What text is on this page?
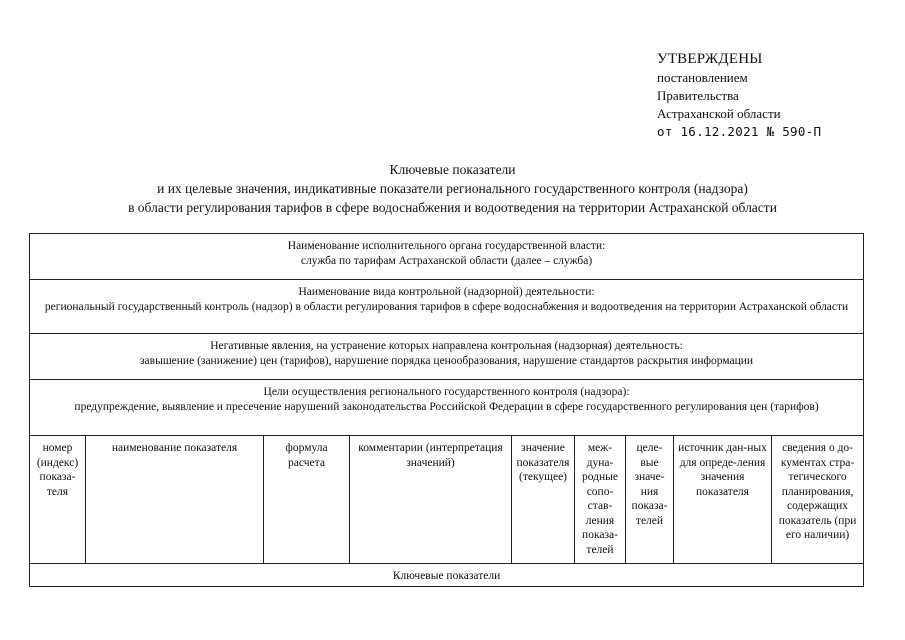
УТВЕРЖДЕНЫ
постановлением
Правительства
Астраханской области
от 16.12.2021 № 590-П
Ключевые показатели
и их целевые значения, индикативные показатели регионального государственного контроля (надзора)
в области регулирования тарифов в сфере водоснабжения и водоотведения на территории Астраханской области
Наименование исполнительного органа государственной власти:
служба по тарифам Астраханской области (далее – служба)

Наименование вида контрольной (надзорной) деятельности:
региональный государственный контроль (надзор) в области регулирования тарифов в сфере водоснабжения и водоотведения на территории Астраханской области

Негативные явления, на устранение которых направлена контрольная (надзорная) деятельность:
завышение (занижение) цен (тарифов), нарушение порядка ценообразования, нарушение стандартов раскрытия информации

Цели осуществления регионального государственного контроля (надзора):
предупреждение, выявление и пресечение нарушений законодательства Российской Федерации в сфере государственного регулирования цен (тарифов)

номер (индекс) показа-теля	наименование показателя	формула расчета	комментарии (интерпретация значений)	значение показателя (текущее)	меж-дуна-родные сопо-став-ления показа-телей	целе-вые значе-ния показа-телей	источник дан-ных для опреде-ления значения показателя	сведения о до-кументах стра-тегического планирования, содержащих показатель (при его наличии)
Ключевые показатели
